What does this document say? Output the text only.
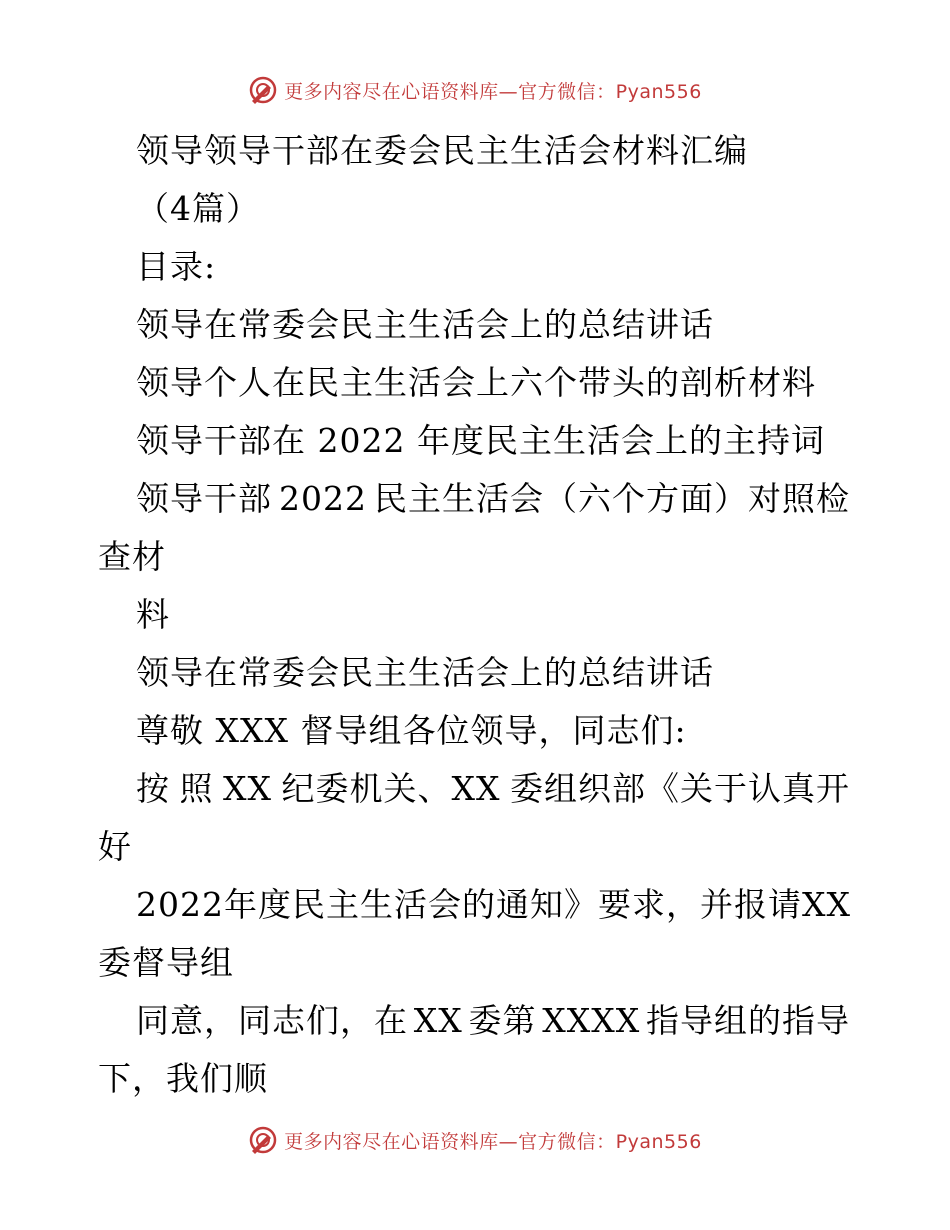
更多内容尽在心语资料库—官方微信：Pyan556
领导领导干部在委会民主生活会材料汇编
（4篇）
目录:
领导在常委会民主生活会上的总结讲话
领导个人在民主生活会上六个带头的剖析材料
领导干部在 2022 年度民主生活会上的主持词
领导干部 2022 民主生活会（六个方面）对照检
查材
料
领导在常委会民主生活会上的总结讲话
尊敬 XXX 督导组各位领导，同志们:
按 照 XX 纪委机关、XX 委组织部《关于认真开
好
2022 年度民主生活会的通知》要求，并报请 XX
委督导组
同意，同志们，在 XX 委第 XXXX 指导组的指导
下，我们顺
更多内容尽在心语资料库—官方微信：Pyan556
